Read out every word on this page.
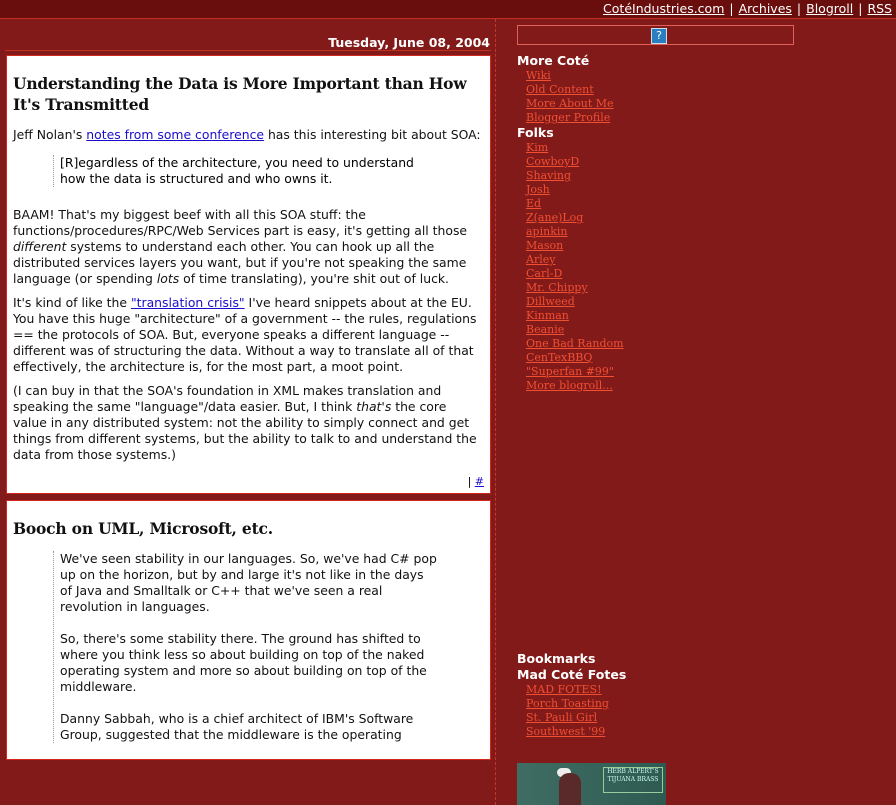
CotéIndustries.com | Archives | Blogroll | RSS
Tuesday, June 08, 2004
Understanding the Data is More Important than How It's Transmitted

Jeff Nolan's notes from some conference has this interesting bit about SOA:

[R]egardless of the architecture, you need to understand how the data is structured and who owns it.

BAAM! That's my biggest beef with all this SOA stuff: the functions/procedures/RPC/Web Services part is easy, it's getting all those different systems to understand each other. You can hook up all the distributed services layers you want, but if you're not speaking the same language (or spending lots of time translating), you're shit out of luck.

It's kind of like the "translation crisis" I've heard snippets about at the EU. You have this huge "architecture" of a government -- the rules, regulations == the protocols of SOA. But, everyone speaks a different language -- different was of structuring the data. Without a way to translate all of that effectively, the architecture is, for the most part, a moot point.

(I can buy in that the SOA's foundation in XML makes translation and speaking the same "language"/data easier. But, I think that's the core value in any distributed system: not the ability to simply connect and get things from different systems, but the ability to talk to and understand the data from those systems.)

| #
Booch on UML, Microsoft, etc.

We've seen stability in our languages. So, we've had C# pop up on the horizon, but by and large it's not like in the days of Java and Smalltalk or C++ that we've seen a real revolution in languages.

So, there's some stability there. The ground has shifted to where you think less so about building on top of the naked operating system and more so about building on top of the middleware.

Danny Sabbah, who is a chief architect of IBM's Software Group, suggested that the middleware is the operating

?
More Coté
Wiki
Old Content
More About Me
Blogger Profile
Folks
Kim
CowboyD
Shaving
Josh
Ed
Z(ane)Log
apinkin
Mason
Arley
Carl-D
Mr. Chippy
Dillweed
Kinman
Beanie
One Bad Random
CenTexBBQ
"Superfan #99"
More blogroll...
Bookmarks
Mad Coté Fotes
MAD FOTES!
Porch Toasting
St. Pauli Girl
Southwest '99
HERB ALPERT'S TIJUANA BRASS
